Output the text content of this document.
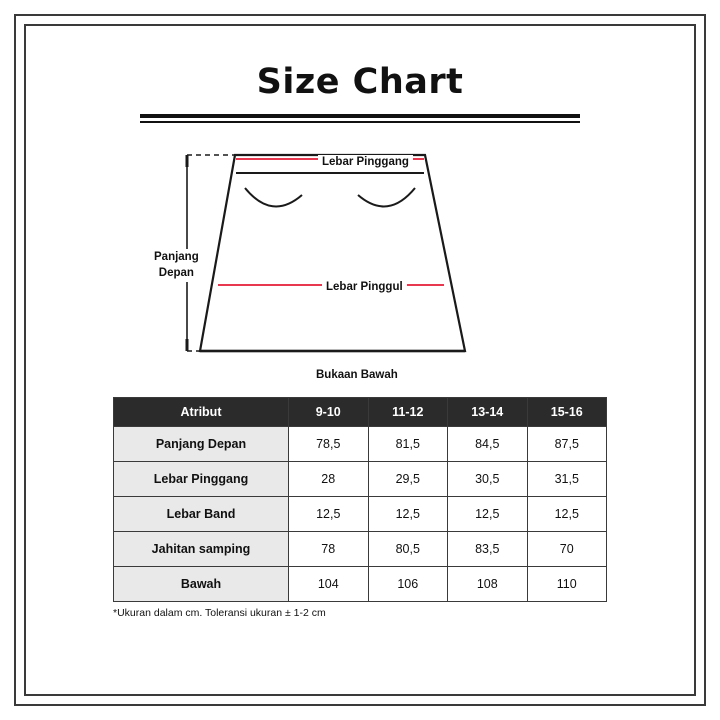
Size Chart
Lebar Pinggang
Lebar Pinggul
Bukaan Bawah
Panjang
Depan
Atribut	9-10	11-12	13-14	15-16
Panjang Depan	78,5	81,5	84,5	87,5
Lebar Pinggang	28	29,5	30,5	31,5
Lebar Band	12,5	12,5	12,5	12,5
Jahitan samping	78	80,5	83,5	70
Bawah	104	106	108	110
*Ukuran dalam cm. Toleransi ukuran ± 1-2 cm
